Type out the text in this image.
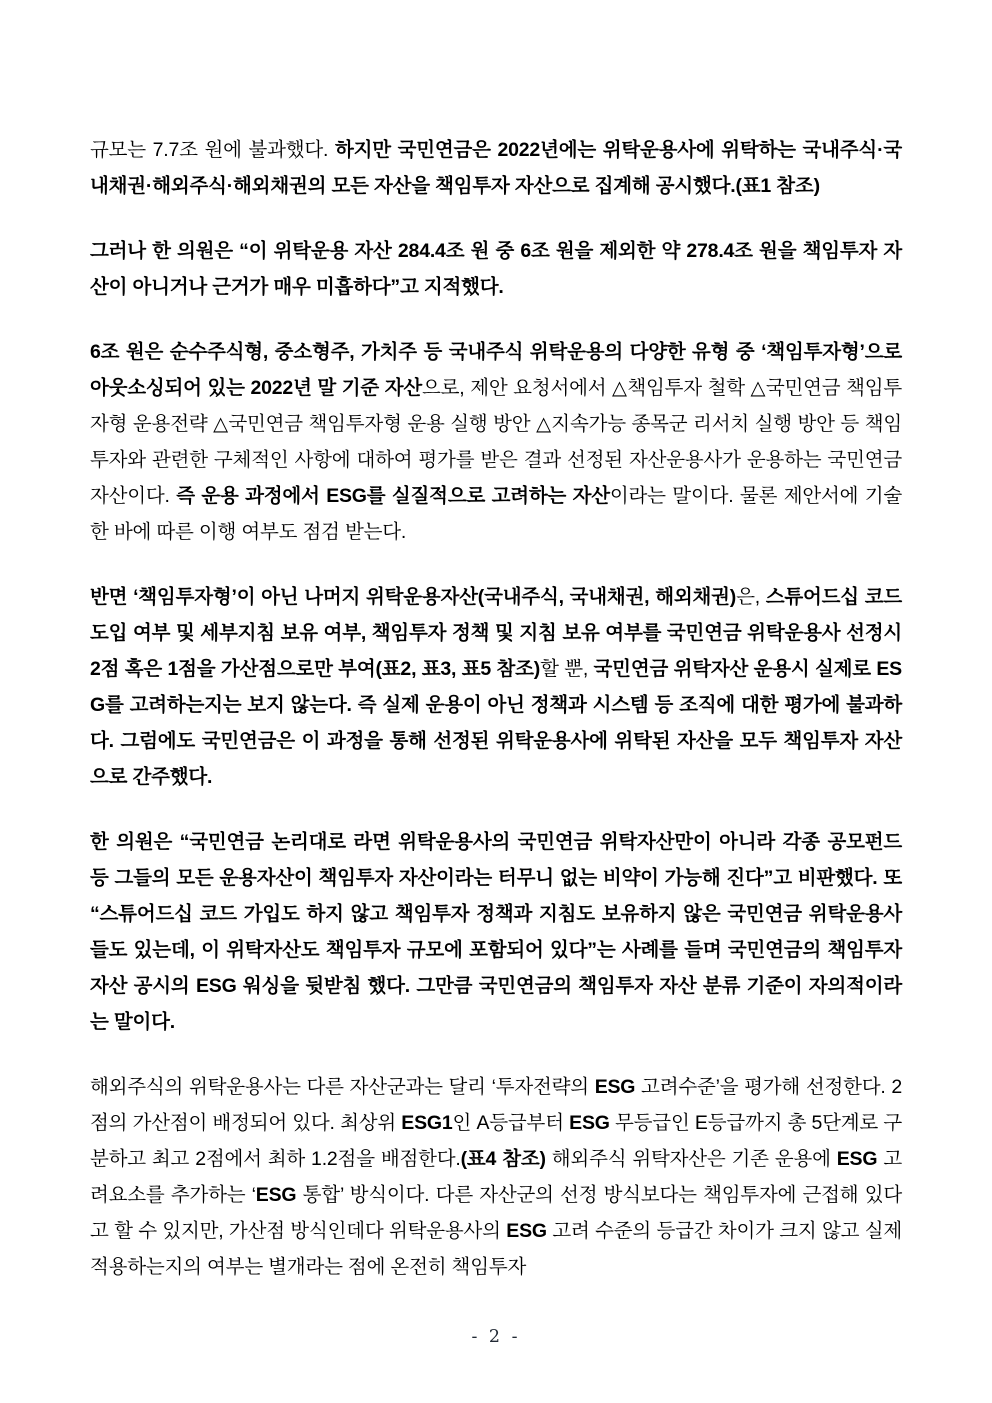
규모는 7.7조 원에 불과했다. 하지만 국민연금은 2022년에는 위탁운용사에 위탁하는 국내주식·국내채권·해외주식·해외채권의 모든 자산을 책임투자 자산으로 집계해 공시했다.(표1 참조)

그러나 한 의원은 “이 위탁운용 자산 284.4조 원 중 6조 원을 제외한 약 278.4조 원을 책임투자 자산이 아니거나 근거가 매우 미흡하다”고 지적했다.

6조 원은 순수주식형, 중소형주, 가치주 등 국내주식 위탁운용의 다양한 유형 중 ‘책임투자형’으로 아웃소싱되어 있는 2022년 말 기준 자산으로, 제안 요청서에서 △책임투자 철학 △국민연금 책임투자형 운용전략 △국민연금 책임투자형 운용 실행 방안 △지속가능 종목군 리서치 실행 방안 등 책임투자와 관련한 구체적인 사항에 대하여 평가를 받은 결과 선정된 자산운용사가 운용하는 국민연금 자산이다. 즉 운용 과정에서 ESG를 실질적으로 고려하는 자산이라는 말이다. 물론 제안서에 기술한 바에 따른 이행 여부도 점검 받는다.

반면 ‘책임투자형’이 아닌 나머지 위탁운용자산(국내주식, 국내채권, 해외채권)은, 스튜어드십 코드 도입 여부 및 세부지침 보유 여부, 책임투자 정책 및 지침 보유 여부를 국민연금 위탁운용사 선정시 2점 혹은 1점을 가산점으로만 부여(표2, 표3, 표5 참조)할 뿐, 국민연금 위탁자산 운용시 실제로 ESG를 고려하는지는 보지 않는다. 즉 실제 운용이 아닌 정책과 시스템 등 조직에 대한 평가에 불과하다. 그럼에도 국민연금은 이 과정을 통해 선정된 위탁운용사에 위탁된 자산을 모두 책임투자 자산으로 간주했다.

한 의원은 “국민연금 논리대로 라면 위탁운용사의 국민연금 위탁자산만이 아니라 각종 공모펀드 등 그들의 모든 운용자산이 책임투자 자산이라는 터무니 없는 비약이 가능해 진다”고 비판했다. 또 “스튜어드십 코드 가입도 하지 않고 책임투자 정책과 지침도 보유하지 않은 국민연금 위탁운용사들도 있는데, 이 위탁자산도 책임투자 규모에 포함되어 있다”는 사례를 들며 국민연금의 책임투자 자산 공시의 ESG 워싱을 뒷받침 했다. 그만큼 국민연금의 책임투자 자산 분류 기준이 자의적이라는 말이다.

해외주식의 위탁운용사는 다른 자산군과는 달리 ‘투자전략의 ESG 고려수준’을 평가해 선정한다. 2점의 가산점이 배정되어 있다. 최상위 ESG1인 A등급부터 ESG 무등급인 E등급까지 총 5단계로 구분하고 최고 2점에서 최하 1.2점을 배점한다.(표4 참조) 해외주식 위탁자산은 기존 운용에 ESG 고려요소를 추가하는 ‘ESG 통합’ 방식이다. 다른 자산군의 선정 방식보다는 책임투자에 근접해 있다고 할 수 있지만, 가산점 방식인데다 위탁운용사의 ESG 고려 수준의 등급간 차이가 크지 않고 실제 적용하는지의 여부는 별개라는 점에 온전히 책임투자

- 2 -
